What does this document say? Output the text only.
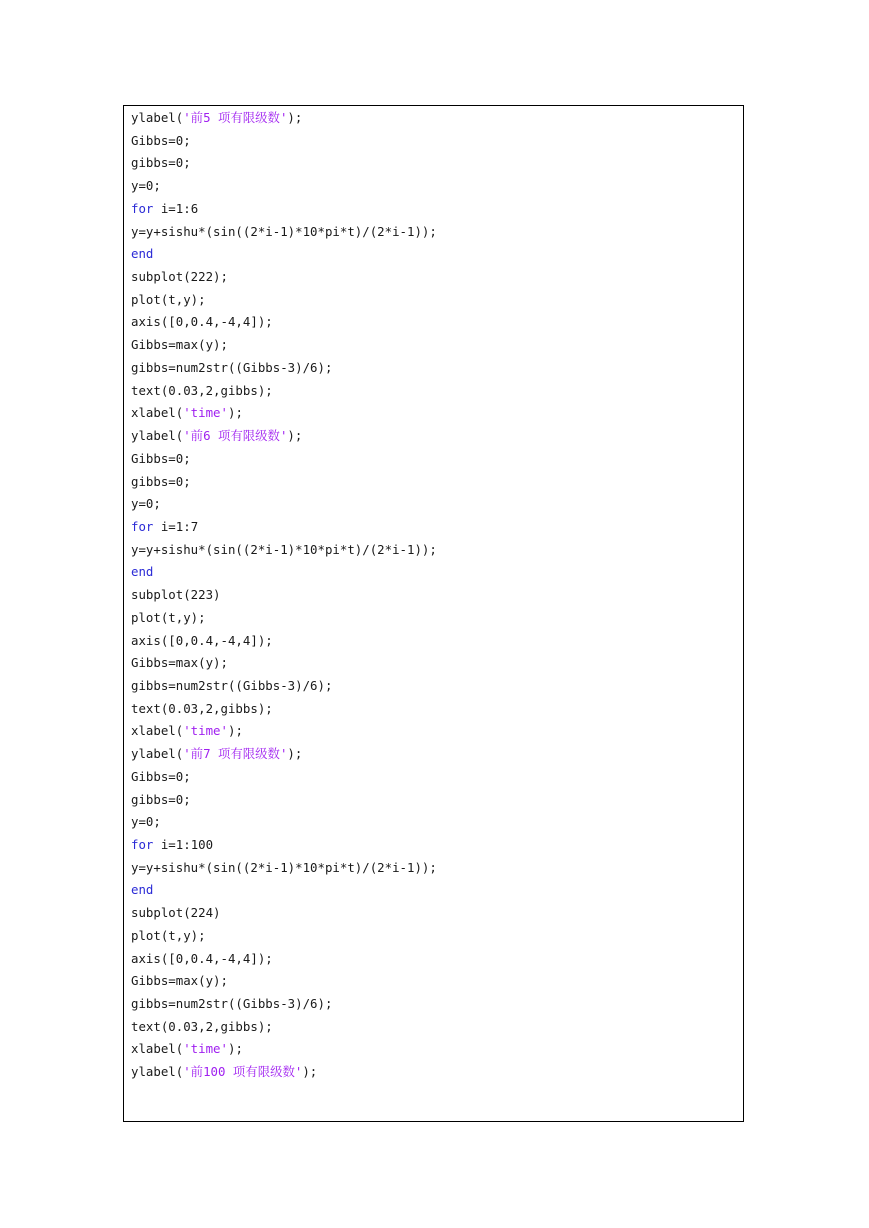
ylabel('前5 项有限级数');
Gibbs=0;
gibbs=0;
y=0;
for i=1:6
y=y+sishu*(sin((2*i-1)*10*pi*t)/(2*i-1));
end
subplot(222);
plot(t,y);
axis([0,0.4,-4,4]);
Gibbs=max(y);
gibbs=num2str((Gibbs-3)/6);
text(0.03,2,gibbs);
xlabel('time');
ylabel('前6 项有限级数');
Gibbs=0;
gibbs=0;
y=0;
for i=1:7
y=y+sishu*(sin((2*i-1)*10*pi*t)/(2*i-1));
end
subplot(223)
plot(t,y);
axis([0,0.4,-4,4]);
Gibbs=max(y);
gibbs=num2str((Gibbs-3)/6);
text(0.03,2,gibbs);
xlabel('time');
ylabel('前7 项有限级数');
Gibbs=0;
gibbs=0;
y=0;
for i=1:100
y=y+sishu*(sin((2*i-1)*10*pi*t)/(2*i-1));
end
subplot(224)
plot(t,y);
axis([0,0.4,-4,4]);
Gibbs=max(y);
gibbs=num2str((Gibbs-3)/6);
text(0.03,2,gibbs);
xlabel('time');
ylabel('前100 项有限级数');
